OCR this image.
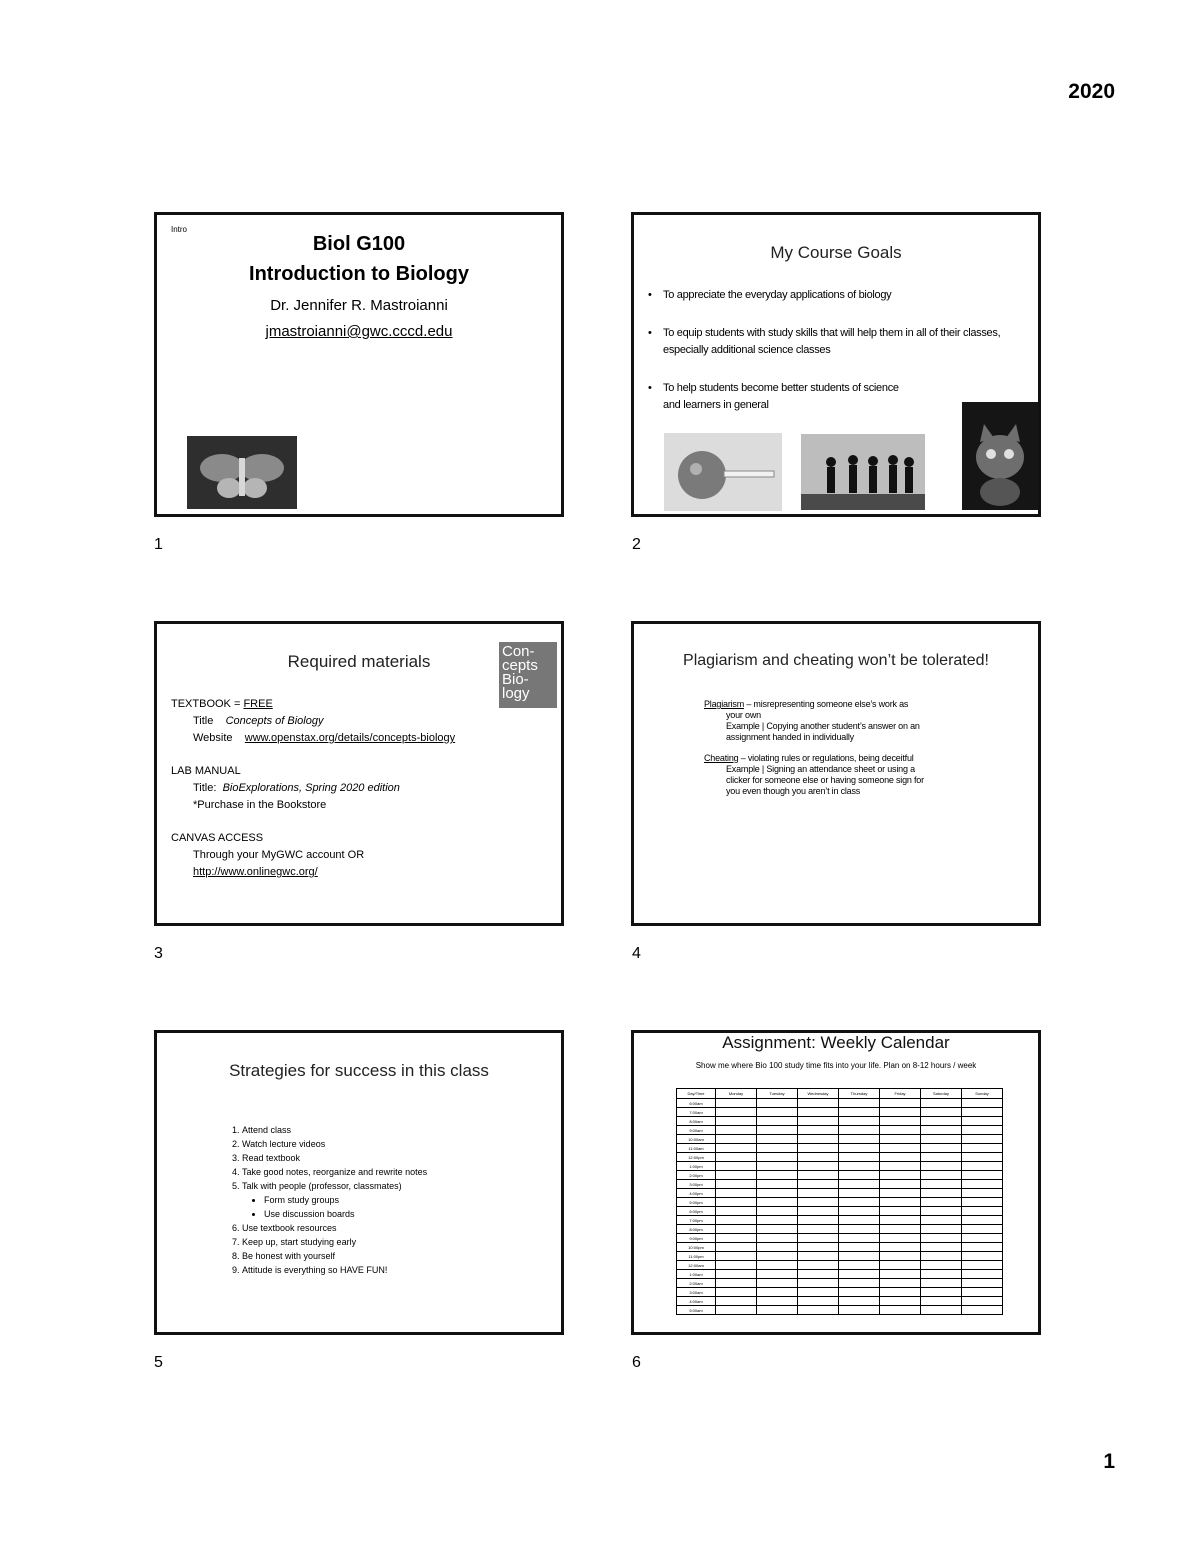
2020
Intro
Biol G100
Introduction to Biology
Dr. Jennifer R. Mastroianni
jmastroianni@gwc.cccd.edu
1
My Course Goals
• To appreciate the everyday applications of biology
• To equip students with study skills that will help them in all of their classes, especially additional science classes
• To help students become better students of science and learners in general
2
Required materials
Con- cepts Bio- logy
TEXTBOOK = FREE
Title Concepts of Biology
Website www.openstax.org/details/concepts-biology
LAB MANUAL
Title: BioExplorations, Spring 2020 edition
*Purchase in the Bookstore
CANVAS ACCESS
Through your MyGWC account OR
http://www.onlinegwc.org/
3
Plagiarism and cheating won’t be tolerated!
Plagiarism – misrepresenting someone else’s work as
your own
Example | Copying another student’s answer on an
assignment handed in individually
Cheating – violating rules or regulations, being deceitful
Example | Signing an attendance sheet or using a
clicker for someone else or having someone sign for
you even though you aren’t in class
4
Strategies for success in this class
1. Attend class
2. Watch lecture videos
3. Read textbook
4. Take good notes, reorganize and rewrite notes
5. Talk with people (professor, classmates)
• Form study groups
• Use discussion boards
6. Use textbook resources
7. Keep up, start studying early
8. Be honest with yourself
9. Attitude is everything so HAVE FUN!
5
Assignment: Weekly Calendar
Show me where Bio 100 study time fits into your life. Plan on 8-12 hours / week
Day/Time	Monday	Tuesday	Wednesday	Thursday	Friday	Saturday	Sunday
6:00am							
7:00am							
8:00am							
9:00am							
10:00am							
11:00am							
12:00pm							
1:00pm							
2:00pm							
3:00pm							
4:00pm							
5:00pm							
6:00pm							
7:00pm							
8:00pm							
9:00pm							
10:00pm							
11:00pm							
12:00am							
1:00am							
2:00am							
3:00am							
4:00am							
5:00am							
6
1
